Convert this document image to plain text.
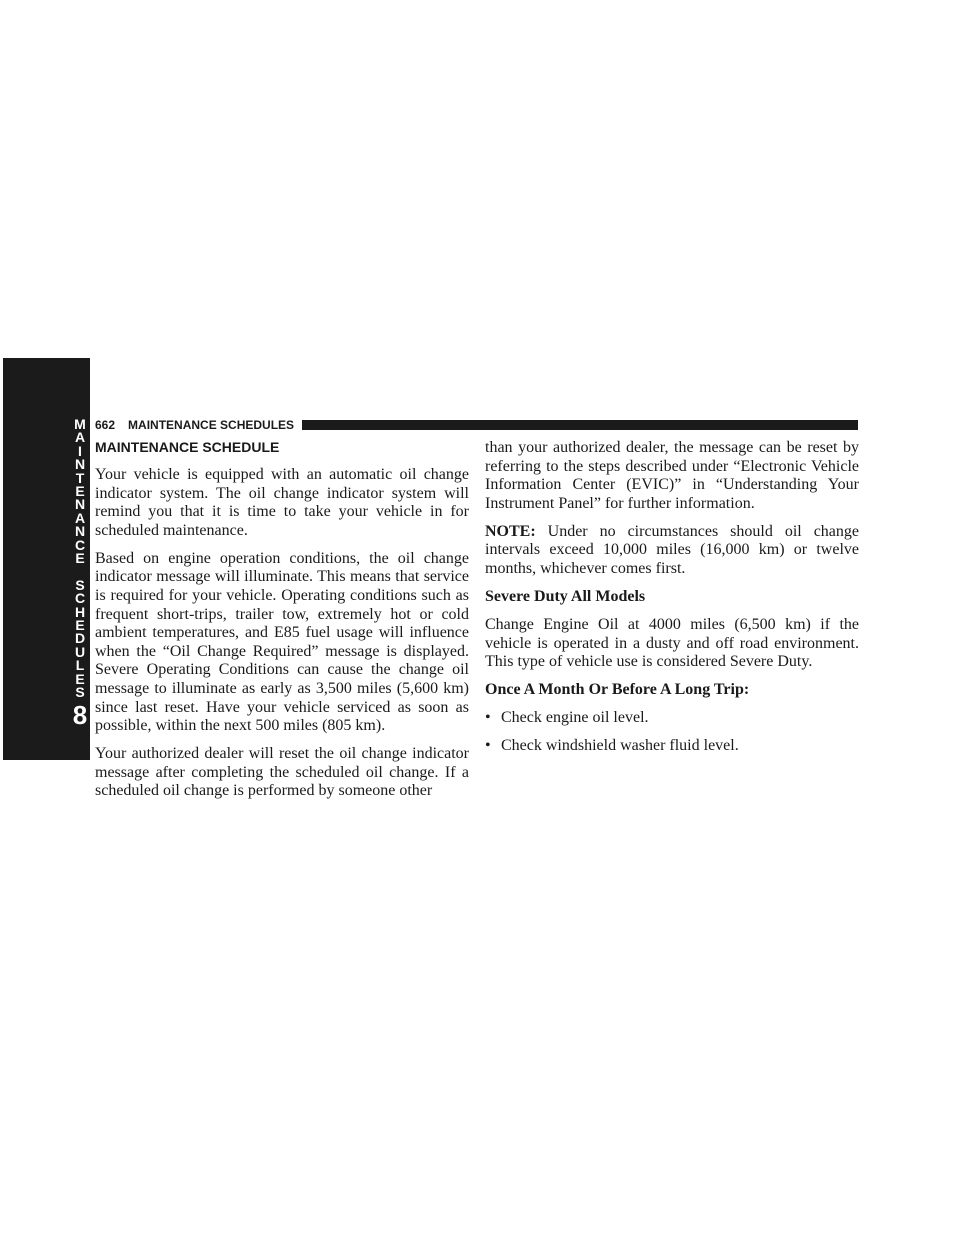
M
A
I
N
T
E
N
A
N
C
E
S
C
H
E
D
U
L
E
S
8
662 MAINTENANCE SCHEDULES
MAINTENANCE SCHEDULE

Your vehicle is equipped with an automatic oil change indicator system. The oil change indicator system will remind you that it is time to take your vehicle in for scheduled maintenance.

Based on engine operation conditions, the oil change indicator message will illuminate. This means that service is required for your vehicle. Operating conditions such as frequent short-trips, trailer tow, extremely hot or cold ambient temperatures, and E85 fuel usage will influence when the “Oil Change Required” message is displayed. Severe Operating Conditions can cause the change oil message to illuminate as early as 3,500 miles (5,600 km) since last reset. Have your vehicle serviced as soon as possible, within the next 500 miles (805 km).

Your authorized dealer will reset the oil change indicator message after completing the scheduled oil change. If a scheduled oil change is performed by someone other

than your authorized dealer, the message can be reset by referring to the steps described under “Electronic Vehicle Information Center (EVIC)” in “Understanding Your Instrument Panel” for further information.

NOTE: Under no circumstances should oil change intervals exceed 10,000 miles (16,000 km) or twelve months, whichever comes first.

Severe Duty All Models

Change Engine Oil at 4000 miles (6,500 km) if the vehicle is operated in a dusty and off road environment. This type of vehicle use is considered Severe Duty.

Once A Month Or Before A Long Trip:
• Check engine oil level.
• Check windshield washer fluid level.
